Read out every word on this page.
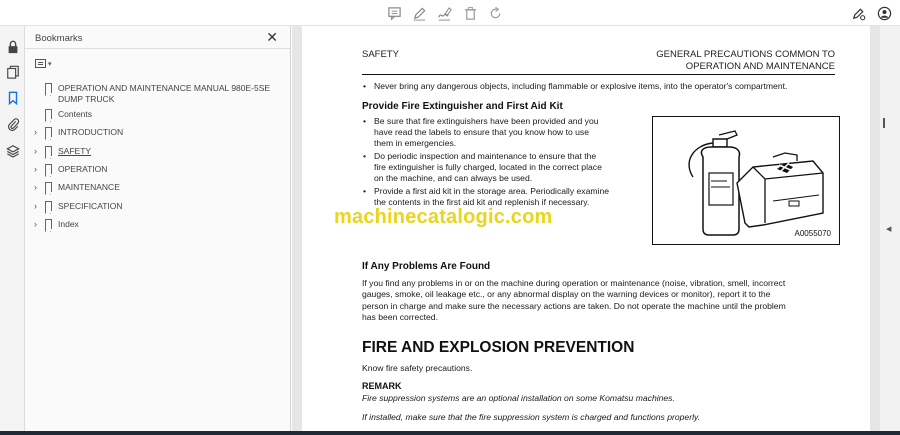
Bookmarks	✕
▾
OPERATION AND MAINTENANCE MANUAL 980E-5SE DUMP TRUCK
Contents
›	INTRODUCTION
›	SAFETY
›	OPERATION
›	MAINTENANCE
›	SPECIFICATION
›	Index
SAFETY	GENERAL PRECAUTIONS COMMON TO
OPERATION AND MAINTENANCE
• Never bring any dangerous objects, including flammable or explosive items, into the operator's compartment.
Provide Fire Extinguisher and First Aid Kit
• Be sure that fire extinguishers have been provided and you
have read the labels to ensure that you know how to use
them in emergencies.
• Do periodic inspection and maintenance to ensure that the
fire extinguisher is fully charged, located in the correct place
on the machine, and can always be used.
• Provide a first aid kit in the storage area. Periodically examine
the contents in the first aid kit and replenish if necessary.
A0055070
machinecatalogic.com
If Any Problems Are Found
If you find any problems in or on the machine during operation or maintenance (noise, vibration, smell, incorrect
gauges, smoke, oil leakage etc., or any abnormal display on the warning devices or monitor), report it to the
person in charge and make sure the necessary actions are taken. Do not operate the machine until the problem
has been corrected.
FIRE AND EXPLOSION PREVENTION
Know fire safety precautions.
REMARK
Fire suppression systems are an optional installation on some Komatsu machines.
If installed, make sure that the fire suppression system is charged and functions properly.
◀
